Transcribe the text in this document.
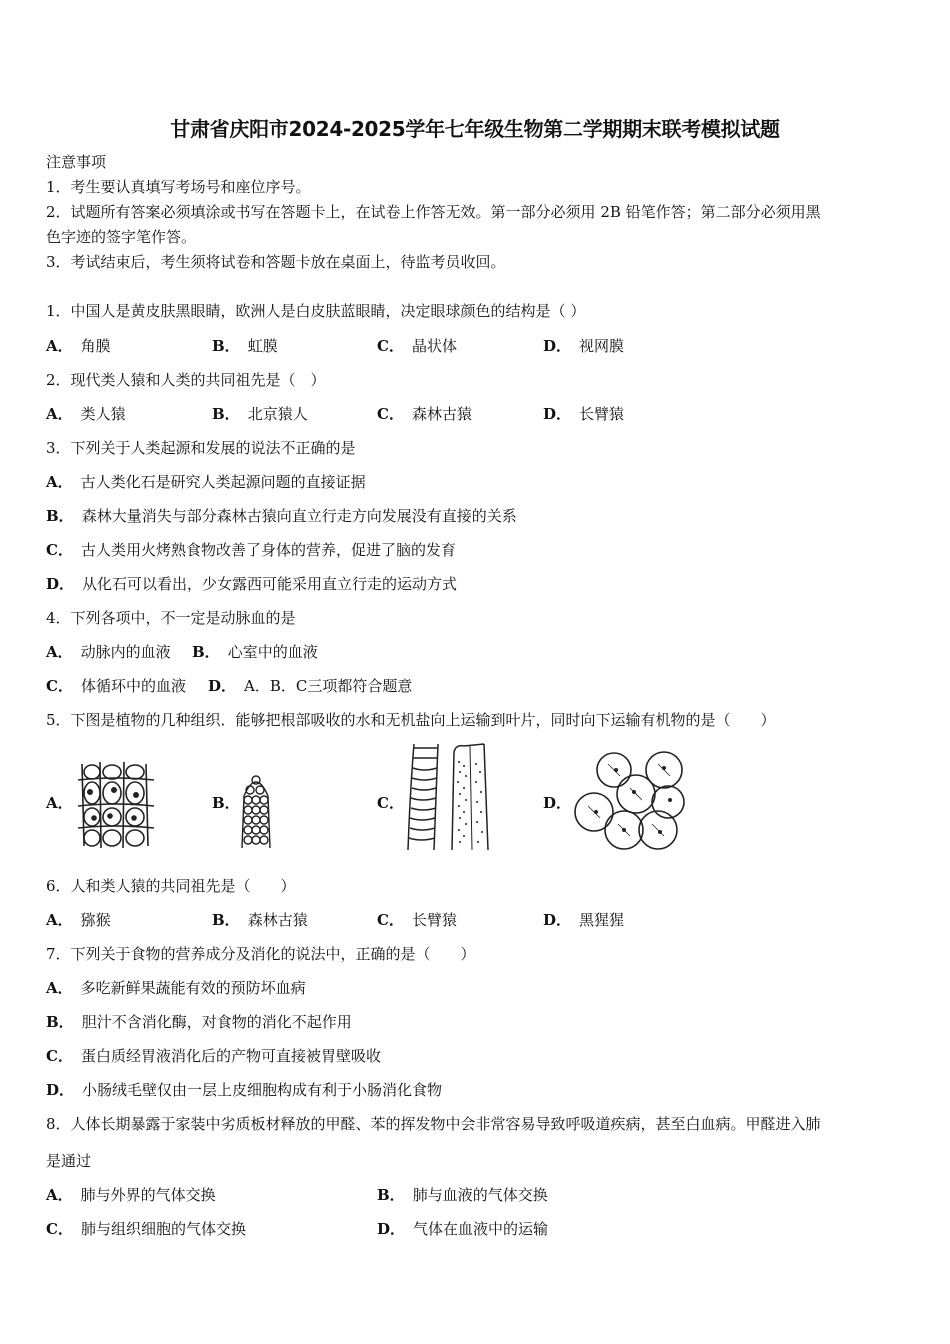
甘肃省庆阳市2024-2025学年七年级生物第二学期期末联考模拟试题
注意事项
1．考生要认真填写考场号和座位序号。
2．试题所有答案必须填涂或书写在答题卡上，在试卷上作答无效。第一部分必须用 2B 铅笔作答；第二部分必须用黑
色字迹的签字笔作答。
3．考试结束后，考生须将试卷和答题卡放在桌面上，待监考员收回。
1．中国人是黄皮肤黑眼睛，欧洲人是白皮肤蓝眼睛，决定眼球颜色的结构是（ ）
A． 角膜	B． 虹膜	C． 晶状体	D． 视网膜
2．现代类人猿和人类的共同祖先是（　）
A． 类人猿	B． 北京猿人	C． 森林古猿	D． 长臂猿
3．下列关于人类起源和发展的说法不正确的是
A． 古人类化石是研究人类起源问题的直接证据
B． 森林大量消失与部分森林古猿向直立行走方向发展没有直接的关系
C． 古人类用火烤熟食物改善了身体的营养，促进了脑的发育
D． 从化石可以看出，少女露西可能采用直立行走的运动方式
4．下列各项中，不一定是动脉血的是
A． 动脉内的血液 B． 心室中的血液
C． 体循环中的血液 D． A．B．C三项都符合题意
5．下图是植物的几种组织．能够把根部吸收的水和无机盐向上运输到叶片，同时向下运输有机物的是（　　）
A．	B．	C．	D．
6．人和类人猿的共同祖先是（　　）
A． 猕猴	B． 森林古猿	C． 长臂猿	D． 黑猩猩
7．下列关于食物的营养成分及消化的说法中，正确的是（　　）
A． 多吃新鲜果蔬能有效的预防坏血病
B． 胆汁不含消化酶，对食物的消化不起作用
C． 蛋白质经胃液消化后的产物可直接被胃壁吸收
D． 小肠绒毛壁仅由一层上皮细胞构成有利于小肠消化食物
8．人体长期暴露于家装中劣质板材释放的甲醛、苯的挥发物中会非常容易导致呼吸道疾病，甚至白血病。甲醛进入肺
是通过
A． 肺与外界的气体交换	B． 肺与血液的气体交换
C． 肺与组织细胞的气体交换	D． 气体在血液中的运输
